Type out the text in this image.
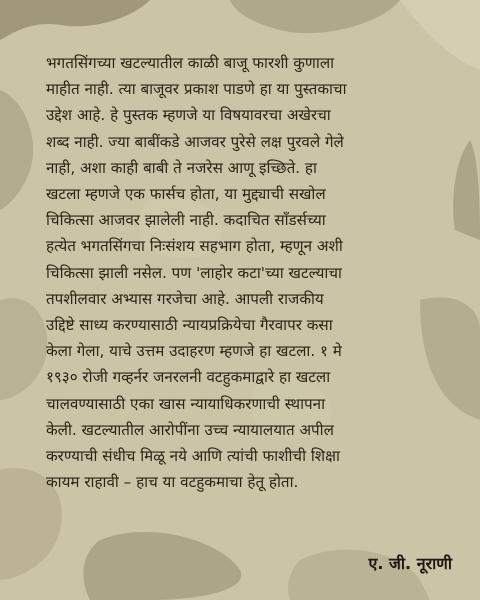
भगतसिंगच्या खटल्यातील काळी बाजू फारशी कुणाला
माहीत नाही. त्या बाजूवर प्रकाश पाडणे हा या पुस्तकाचा
उद्देश आहे. हे पुस्तक म्हणजे या विषयावरचा अखेरचा
शब्द नाही. ज्या बाबींकडे आजवर पुरेसे लक्ष पुरवले गेले
नाही, अशा काही बाबी ते नजरेस आणू इच्छिते. हा
खटला म्हणजे एक फार्सच होता, या मुद्द्याची सखोल
चिकित्सा आजवर झालेली नाही. कदाचित सॉंडर्सच्या
हत्येत भगतसिंगचा निःसंशय सहभाग होता, म्हणून अशी
चिकित्सा झाली नसेल. पण 'लाहोर कटा'च्या खटल्याचा
तपशीलवार अभ्यास गरजेचा आहे. आपली राजकीय
उद्दिष्टे साध्य करण्यासाठी न्यायप्रक्रियेचा गैरवापर कसा
केला गेला, याचे उत्तम उदाहरण म्हणजे हा खटला. १ मे
१९३० रोजी गव्हर्नर जनरलनी वटहुकमाद्वारे हा खटला
चालवण्यासाठी एका खास न्यायाधिकरणाची स्थापना
केली. खटल्यातील आरोपींना उच्च न्यायालयात अपील
करण्याची संधीच मिळू नये आणि त्यांची फाशीची शिक्षा
कायम राहावी – हाच या वटहुकमाचा हेतू होता.
ए. जी. नूराणी
